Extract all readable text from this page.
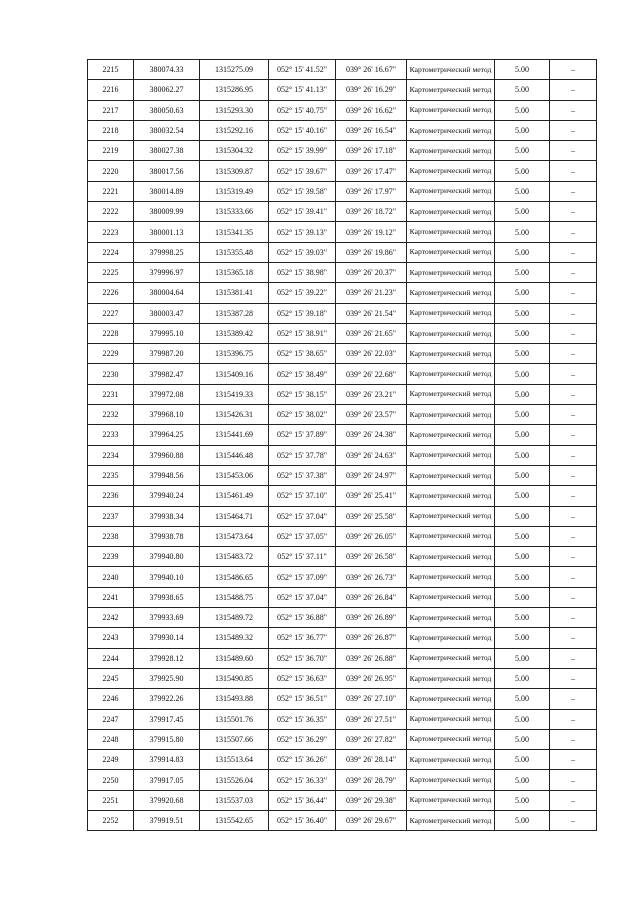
2215	380074.33	1315275.09	052° 15' 41.52"	039° 26' 16.67"	Картометрический метод	5.00	–
2216	380062.27	1315286.95	052° 15' 41.13"	039° 26' 16.29"	Картометрический метод	5.00	–
2217	380050.63	1315293.30	052° 15' 40.75"	039° 26' 16.62"	Картометрический метод	5.00	–
2218	380032.54	1315292.16	052° 15' 40.16"	039° 26' 16.54"	Картометрический метод	5.00	–
2219	380027.38	1315304.32	052° 15' 39.99"	039° 26' 17.18"	Картометрический метод	5.00	–
2220	380017.56	1315309.87	052° 15' 39.67"	039° 26' 17.47"	Картометрический метод	5.00	–
2221	380014.89	1315319.49	052° 15' 39.58"	039° 26' 17.97"	Картометрический метод	5.00	–
2222	380009.99	1315333.66	052° 15' 39.41"	039° 26' 18.72"	Картометрический метод	5.00	–
2223	380001.13	1315341.35	052° 15' 39.13"	039° 26' 19.12"	Картометрический метод	5.00	–
2224	379998.25	1315355.48	052° 15' 39.03"	039° 26' 19.86"	Картометрический метод	5.00	–
2225	379996.97	1315365.18	052° 15' 38.98"	039° 26' 20.37"	Картометрический метод	5.00	–
2226	380004.64	1315381.41	052° 15' 39.22"	039° 26' 21.23"	Картометрический метод	5.00	–
2227	380003.47	1315387.28	052° 15' 39.18"	039° 26' 21.54"	Картометрический метод	5.00	–
2228	379995.10	1315389.42	052° 15' 38.91"	039° 26' 21.65"	Картометрический метод	5.00	–
2229	379987.20	1315396.75	052° 15' 38.65"	039° 26' 22.03"	Картометрический метод	5.00	–
2230	379982.47	1315409.16	052° 15' 38.49"	039° 26' 22.68"	Картометрический метод	5.00	–
2231	379972.08	1315419.33	052° 15' 38.15"	039° 26' 23.21"	Картометрический метод	5.00	–
2232	379968.10	1315426.31	052° 15' 38.02"	039° 26' 23.57"	Картометрический метод	5.00	–
2233	379964.25	1315441.69	052° 15' 37.89"	039° 26' 24.38"	Картометрический метод	5.00	–
2234	379960.88	1315446.48	052° 15' 37.78"	039° 26' 24.63"	Картометрический метод	5.00	–
2235	379948.56	1315453.06	052° 15' 37.38"	039° 26' 24.97"	Картометрический метод	5.00	–
2236	379940.24	1315461.49	052° 15' 37.10"	039° 26' 25.41"	Картометрический метод	5.00	–
2237	379938.34	1315464.71	052° 15' 37.04"	039° 26' 25.58"	Картометрический метод	5.00	–
2238	379938.78	1315473.64	052° 15' 37.05"	039° 26' 26.05"	Картометрический метод	5.00	–
2239	379940.80	1315483.72	052° 15' 37.11"	039° 26' 26.58"	Картометрический метод	5.00	–
2240	379940.10	1315486.65	052° 15' 37.09"	039° 26' 26.73"	Картометрический метод	5.00	–
2241	379938.65	1315488.75	052° 15' 37.04"	039° 26' 26.84"	Картометрический метод	5.00	–
2242	379933.69	1315489.72	052° 15' 36.88"	039° 26' 26.89"	Картометрический метод	5.00	–
2243	379930.14	1315489.32	052° 15' 36.77"	039° 26' 26.87"	Картометрический метод	5.00	–
2244	379928.12	1315489.60	052° 15' 36.70"	039° 26' 26.88"	Картометрический метод	5.00	–
2245	379925.90	1315490.85	052° 15' 36.63"	039° 26' 26.95"	Картометрический метод	5.00	–
2246	379922.26	1315493.88	052° 15' 36.51"	039° 26' 27.10"	Картометрический метод	5.00	–
2247	379917.45	1315501.76	052° 15' 36.35"	039° 26' 27.51"	Картометрический метод	5.00	–
2248	379915.80	1315507.66	052° 15' 36.29"	039° 26' 27.82"	Картометрический метод	5.00	–
2249	379914.83	1315513.64	052° 15' 36.26"	039° 26' 28.14"	Картометрический метод	5.00	–
2250	379917.05	1315526.04	052° 15' 36.33"	039° 26' 28.79"	Картометрический метод	5.00	–
2251	379920.68	1315537.03	052° 15' 36.44"	039° 26' 29.38"	Картометрический метод	5.00	–
2252	379919.51	1315542.65	052° 15' 36.40"	039° 26' 29.67"	Картометрический метод	5.00	–
